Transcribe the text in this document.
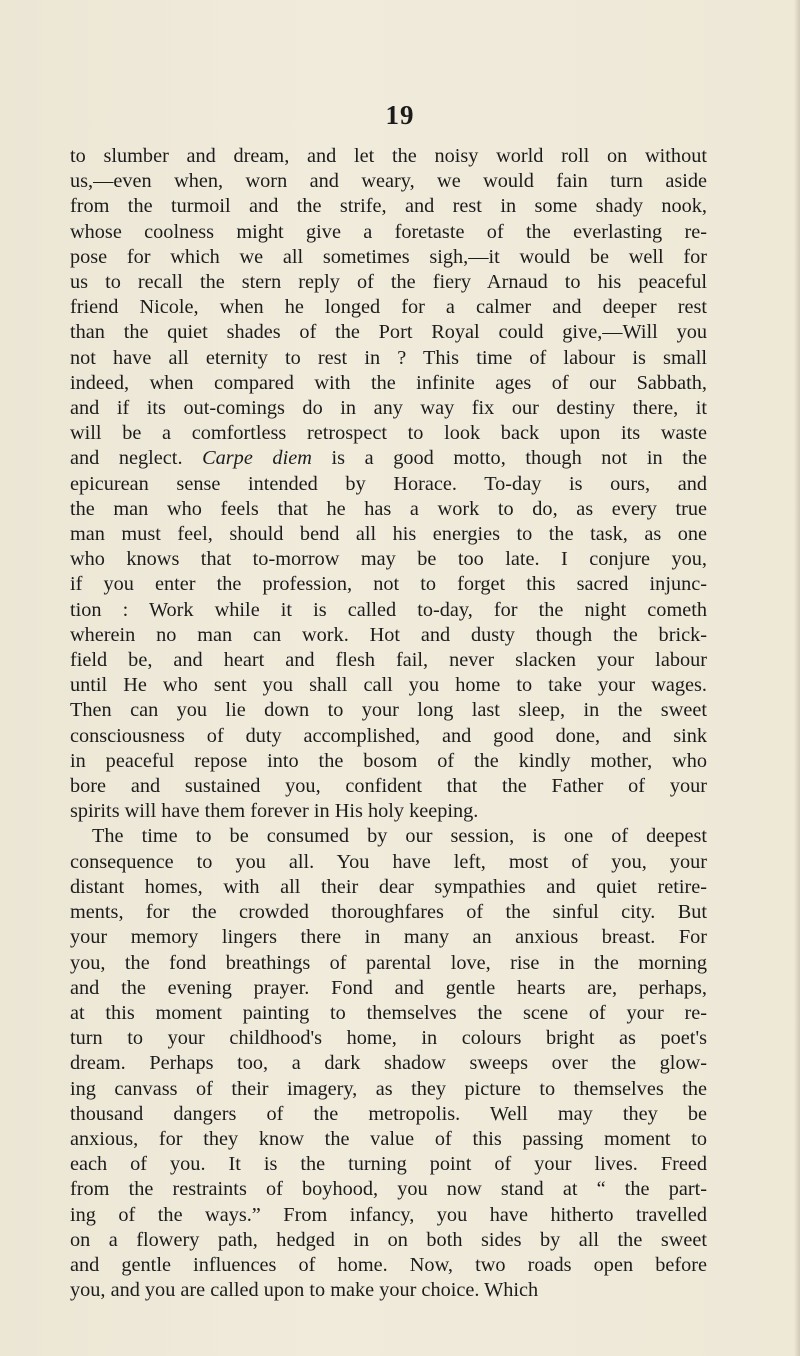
19
to slumber and dream, and let the noisy world roll on without
us,—even when, worn and weary, we would fain turn aside
from the turmoil and the strife, and rest in some shady nook,
whose coolness might give a foretaste of the everlasting re-
pose for which we all sometimes sigh,—it would be well for
us to recall the stern reply of the fiery Arnaud to his peaceful
friend Nicole, when he longed for a calmer and deeper rest
than the quiet shades of the Port Royal could give,—Will you
not have all eternity to rest in ? This time of labour is small
indeed, when compared with the infinite ages of our Sabbath,
and if its out-comings do in any way fix our destiny there, it
will be a comfortless retrospect to look back upon its waste
and neglect. Carpe diem is a good motto, though not in the
epicurean sense intended by Horace. To-day is ours, and
the man who feels that he has a work to do, as every true
man must feel, should bend all his energies to the task, as one
who knows that to-morrow may be too late. I conjure you,
if you enter the profession, not to forget this sacred injunc-
tion : Work while it is called to-day, for the night cometh
wherein no man can work. Hot and dusty though the brick-
field be, and heart and flesh fail, never slacken your labour
until He who sent you shall call you home to take your wages.
Then can you lie down to your long last sleep, in the sweet
consciousness of duty accomplished, and good done, and sink
in peaceful repose into the bosom of the kindly mother, who
bore and sustained you, confident that the Father of your
spirits will have them forever in His holy keeping.
The time to be consumed by our session, is one of deepest
consequence to you all. You have left, most of you, your
distant homes, with all their dear sympathies and quiet retire-
ments, for the crowded thoroughfares of the sinful city. But
your memory lingers there in many an anxious breast. For
you, the fond breathings of parental love, rise in the morning
and the evening prayer. Fond and gentle hearts are, perhaps,
at this moment painting to themselves the scene of your re-
turn to your childhood's home, in colours bright as poet's
dream. Perhaps too, a dark shadow sweeps over the glow-
ing canvass of their imagery, as they picture to themselves the
thousand dangers of the metropolis. Well may they be
anxious, for they know the value of this passing moment to
each of you. It is the turning point of your lives. Freed
from the restraints of boyhood, you now stand at “ the part-
ing of the ways.” From infancy, you have hitherto travelled
on a flowery path, hedged in on both sides by all the sweet
and gentle influences of home. Now, two roads open before
you, and you are called upon to make your choice. Which
